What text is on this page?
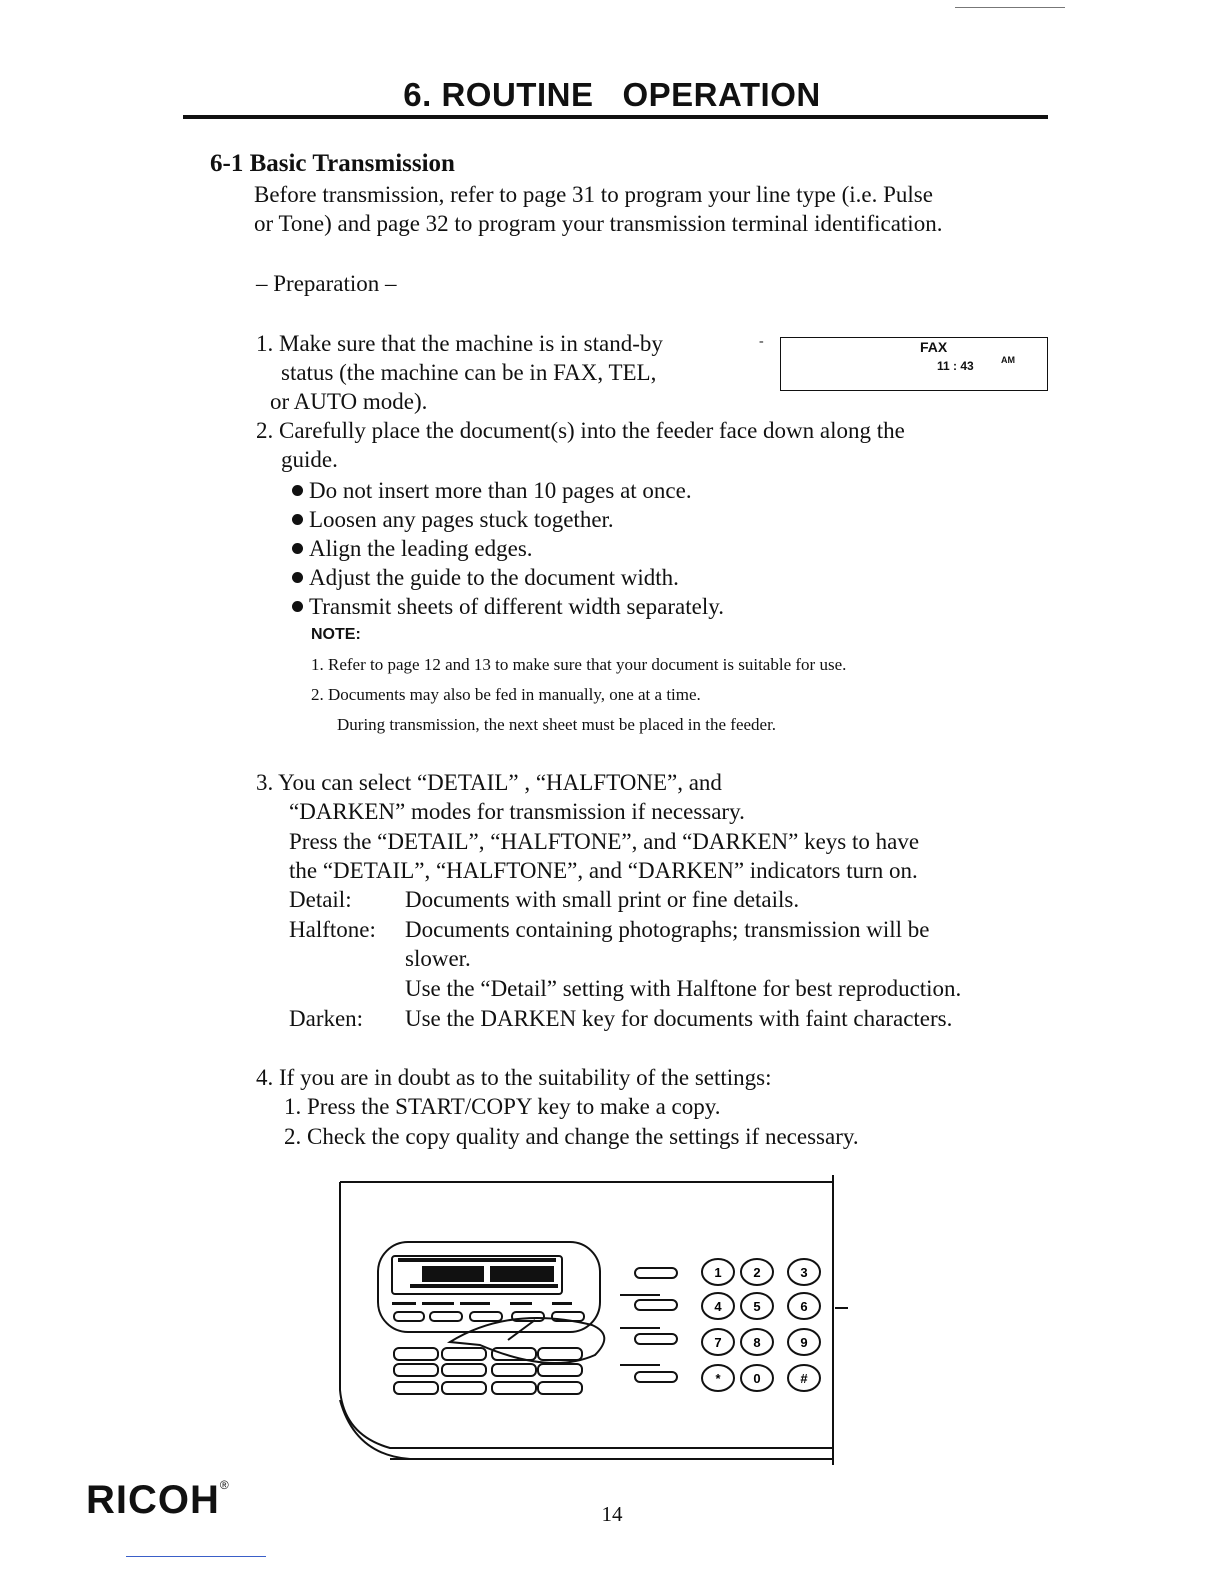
6. ROUTINE   OPERATION
6-1 Basic Transmission
Before transmission, refer to page 31 to program your line type (i.e. Pulse
or Tone) and page 32 to program your transmission terminal identification.
– Preparation –
1. Make sure that the machine is in stand-by
status (the machine can be in FAX, TEL,
or AUTO mode).
-	FAX
11 : 43	AM
2. Carefully place the document(s) into the feeder face down along the
guide.
Do not insert more than 10 pages at once.
Loosen any pages stuck together.
Align the leading edges.
Adjust the guide to the document width.
Transmit sheets of different width separately.
NOTE:
1. Refer to page 12 and 13 to make sure that your document is suitable for use.
2. Documents may also be fed in manually, one at a time.
During transmission, the next sheet must be placed in the feeder.
3. You can select “DETAIL” , “HALFTONE”, and
“DARKEN” modes for transmission if necessary.
Press the “DETAIL”, “HALFTONE”, and “DARKEN” keys to have
the “DETAIL”, “HALFTONE”, and “DARKEN” indicators turn on.
Detail: Documents with small print or fine details.
Halftone: Documents containing photographs; transmission will be
slower.
Use the “Detail” setting with Halftone for best reproduction.
Darken: Use the DARKEN key for documents with faint characters.
4. If you are in doubt as to the suitability of the settings:
1. Press the START/COPY key to make a copy.
2. Check the copy quality and change the settings if necessary.
1 2	3
4 5	6
7 8	9
*	0	#
14
RICOH®
